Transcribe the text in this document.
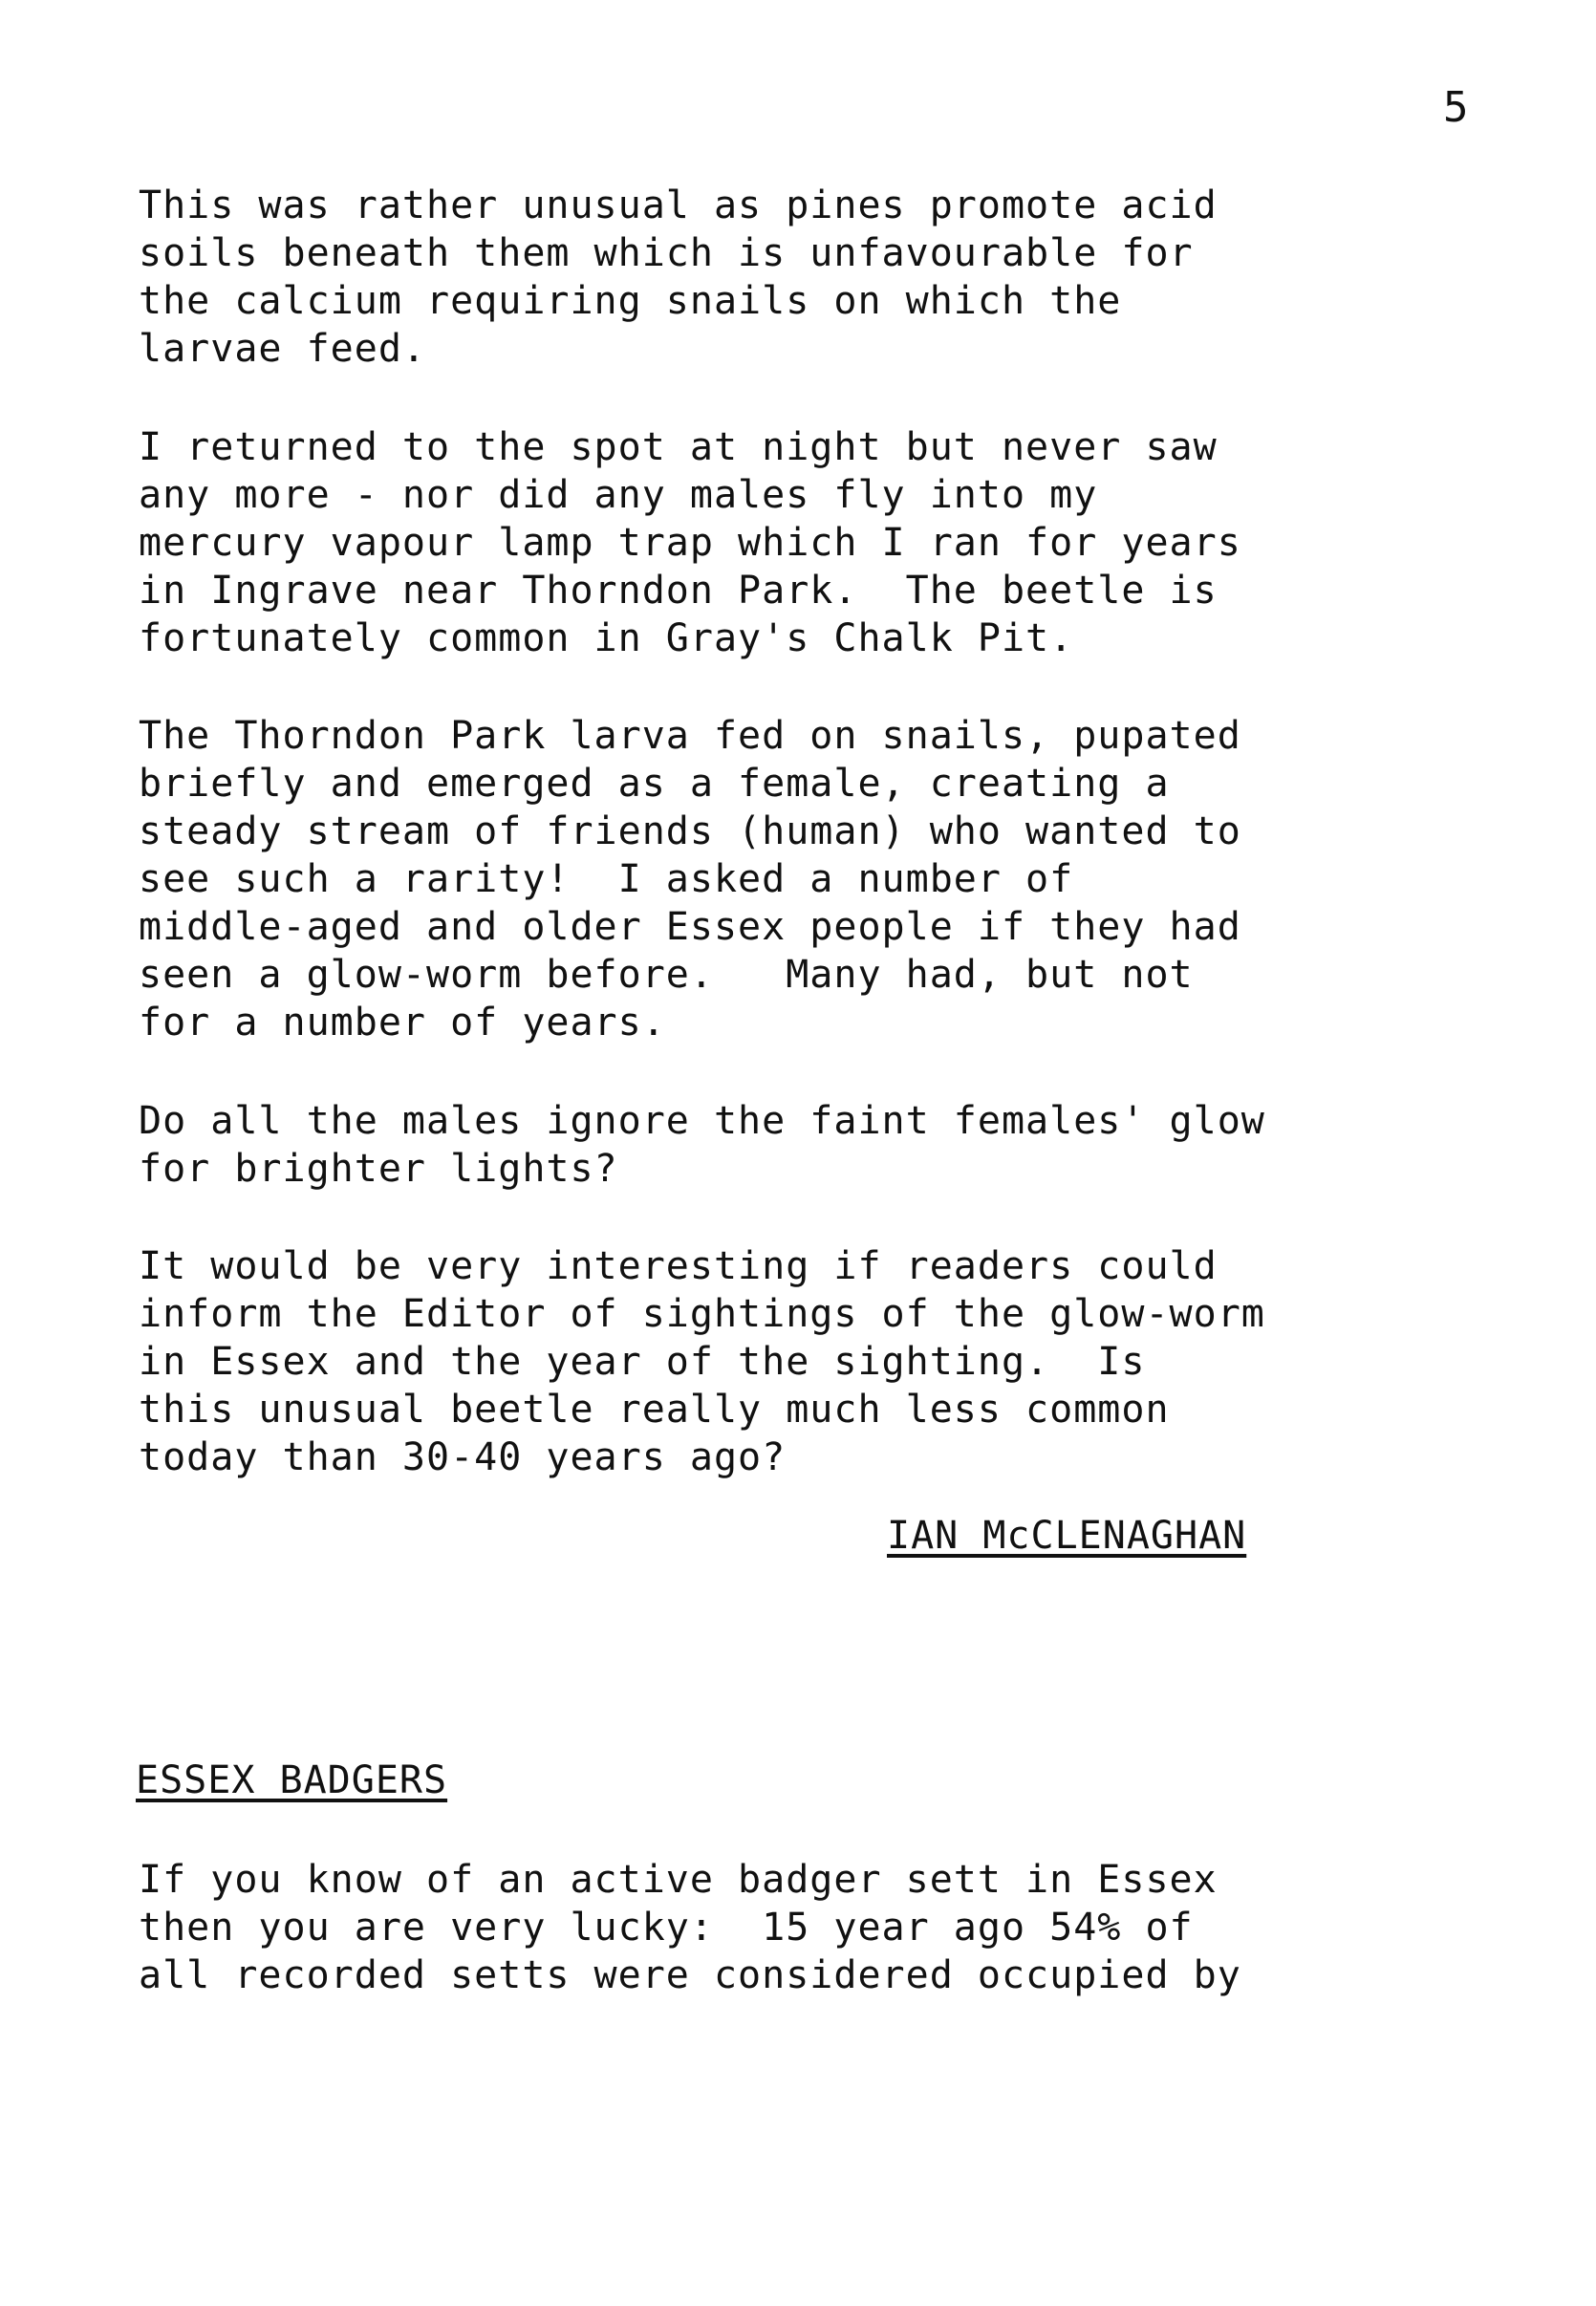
5

This was rather unusual as pines promote acid
soils beneath them which is unfavourable for
the calcium requiring snails on which the
larvae feed.

I returned to the spot at night but never saw
any more - nor did any males fly into my
mercury vapour lamp trap which I ran for years
in Ingrave near Thorndon Park.  The beetle is
fortunately common in Gray's Chalk Pit.

The Thorndon Park larva fed on snails, pupated
briefly and emerged as a female, creating a
steady stream of friends (human) who wanted to
see such a rarity!  I asked a number of
middle-aged and older Essex people if they had
seen a glow-worm before.   Many had, but not
for a number of years.

Do all the males ignore the faint females' glow
for brighter lights?

It would be very interesting if readers could
inform the Editor of sightings of the glow-worm
in Essex and the year of the sighting.  Is
this unusual beetle really much less common
today than 30-40 years ago?

IAN McCLENAGHAN
ESSEX BADGERS

If you know of an active badger sett in Essex
then you are very lucky:  15 year ago 54% of
all recorded setts were considered occupied by
